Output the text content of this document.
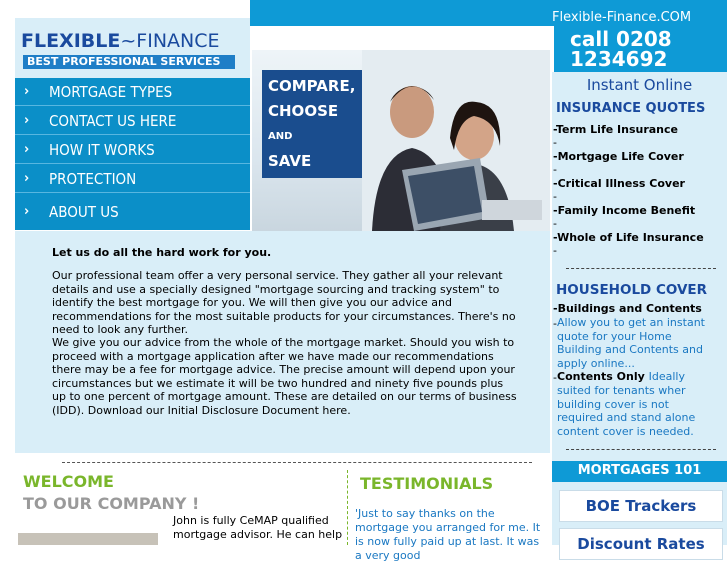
Flexible-Finance.COM
FLEXIBLE~FINANCE
BEST PROFESSIONAL SERVICES
call 0208
1234692
›› MORTGAGE TYPES
›› CONTACT US HERE
›› HOW IT WORKS
›› PROTECTION
›› ABOUT US
COMPARE,
CHOOSE
AND
SAVE
Instant Online
INSURANCE QUOTES
-Term Life Insurance
-
-Mortgage Life Cover
-
-Critical Illness Cover
-
-Family Income Benefit
-
-Whole of Life Insurance
-
HOUSEHOLD COVER
-Buildings and Contents
- Allow you to get an instant quote for your Home Building and Contents and apply online...
- Contents Only Ideally
suited for tenants wher building cover is not required and stand alone content cover is needed.
MORTGAGES 101
BOE Trackers
Discount Rates
Let us do all the hard work for you.
Our professional team offer a very personal service. They gather all your relevant details and use a specially designed "mortgage sourcing and tracking system" to identify the best mortgage for you. We will then give you our advice and recommendations for the most suitable products for your circumstances. There's no need to look any further.
We give you our advice from the whole of the mortgage market. Should you wish to proceed with a mortgage application after we have made our recommendations there may be a fee for mortgage advice. The precise amount will depend upon your circumstances but we estimate it will be two hundred and ninety five pounds plus up to one percent of mortgage amount. These are detailed on our terms of business (IDD). Download our Initial Disclosure Document here.
WELCOME
TO OUR COMPANY !
John is fully CeMAP qualified mortgage advisor. He can help
TESTIMONIALS
'Just to say thanks on the mortgage you arranged for me. It is now fully paid up at last. It was a very good
